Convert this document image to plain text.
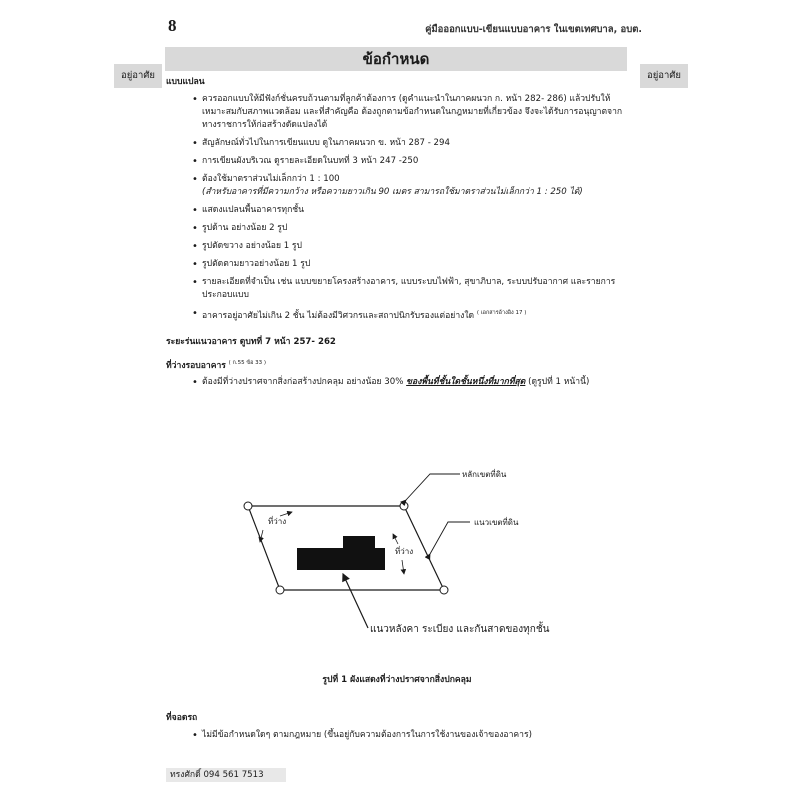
8	คู่มือออกแบบ-เขียนแบบอาคาร ในเขตเทศบาล, อบต.
ข้อกำหนด
อยู่อาศัย	อยู่อาศัย
แบบแปลน
• ควรออกแบบให้มีฟังก์ชั่นครบถ้วนตามที่ลูกค้าต้องการ (ดูคำแนะนำในภาคผนวก ก. หน้า 282- 286) แล้วปรับให้เหมาะสมกับสภาพแวดล้อม และที่สำคัญคือ ต้องถูกตามข้อกำหนดในกฎหมายที่เกี่ยวข้อง จึงจะได้รับการอนุญาตจากทางราชการให้ก่อสร้างดัดแปลงได้
• สัญลักษณ์ทั่วไปในการเขียนแบบ ดูในภาคผนวก ข. หน้า 287 - 294
• การเขียนผังบริเวณ ดูรายละเอียดในบทที่ 3 หน้า 247 -250
• ต้องใช้มาตราส่วนไม่เล็กกว่า 1 : 100
(สำหรับอาคารที่มีความกว้าง หรือความยาวเกิน 90 เมตร สามารถใช้มาตราส่วนไม่เล็กกว่า 1 : 250 ได้)
• แสดงแปลนพื้นอาคารทุกชั้น
• รูปด้าน อย่างน้อย 2 รูป
• รูปตัดขวาง อย่างน้อย 1 รูป
• รูปตัดตามยาวอย่างน้อย 1 รูป
• รายละเอียดที่จำเป็น เช่น แบบขยายโครงสร้างอาคาร, แบบระบบไฟฟ้า, สุขาภิบาล, ระบบปรับอากาศ และรายการประกอบแบบ
• อาคารอยู่อาศัยไม่เกิน 2 ชั้น ไม่ต้องมีวิศวกรและสถาปนิกรับรองแต่อย่างใด $^{( เอกสารอ้างอิง 17 )}$
ระยะร่นแนวอาคาร ดูบทที่ 7 หน้า 257- 262
ที่ว่างรอบอาคาร $^{( ก.55 ข้อ 33 )}$
• ต้องมีที่ว่างปราศจากสิ่งก่อสร้างปกคลุม อย่างน้อย 30% ของพื้นที่ชั้นใดชั้นหนึ่งที่มากที่สุด (ดูรูปที่ 1 หน้านี้)
หลักเขตที่ดิน
แนวเขตที่ดิน
ที่ว่าง
ที่ว่าง
แนวหลังคา ระเบียง และกันสาดของทุกชั้น
รูปที่ 1 ผังแสดงที่ว่างปราศจากสิ่งปกคลุม
ที่จอดรถ
• ไม่มีข้อกำหนดใดๆ ตามกฎหมาย (ขึ้นอยู่กับความต้องการในการใช้งานของเจ้าของอาคาร)
ทรงศักดิ์ 094 561 7513
